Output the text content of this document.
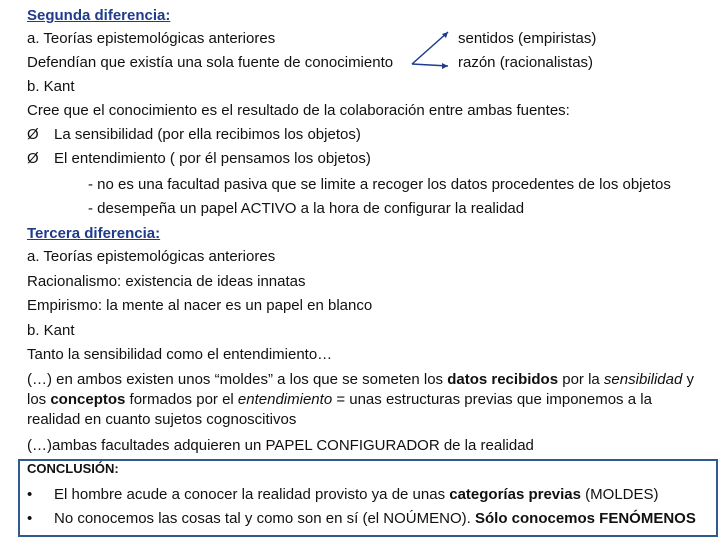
Segunda diferencia:
a. Teorías epistemológicas anteriores
Defendían que existía una sola fuente de conocimiento
sentidos (empiristas)
razón (racionalistas)
b. Kant
Cree que el conocimiento es el resultado de la colaboración entre ambas fuentes:
Ø La sensibilidad (por ella recibimos los objetos)
Ø El entendimiento ( por él pensamos los objetos)
- no es una facultad pasiva que se limite a recoger los datos procedentes de los objetos
- desempeña un papel ACTIVO a la hora de configurar la realidad
Tercera diferencia:
a. Teorías epistemológicas anteriores
Racionalismo: existencia de ideas innatas
Empirismo: la mente al nacer es un papel en blanco
b. Kant
Tanto la sensibilidad como el entendimiento…
(…) en ambos existen unos “moldes” a los que se someten los datos recibidos por la sensibilidad y los conceptos formados por el entendimiento = unas estructuras previas que imponemos a la realidad en cuanto sujetos cognoscitivos
(…)ambas facultades adquieren un PAPEL CONFIGURADOR de la realidad
CONCLUSIÓN:
• El hombre acude a conocer la realidad provisto ya de unas categorías previas (MOLDES)
• No conocemos las cosas tal y como son en sí (el NOÚMENO). Sólo conocemos FENÓMENOS
